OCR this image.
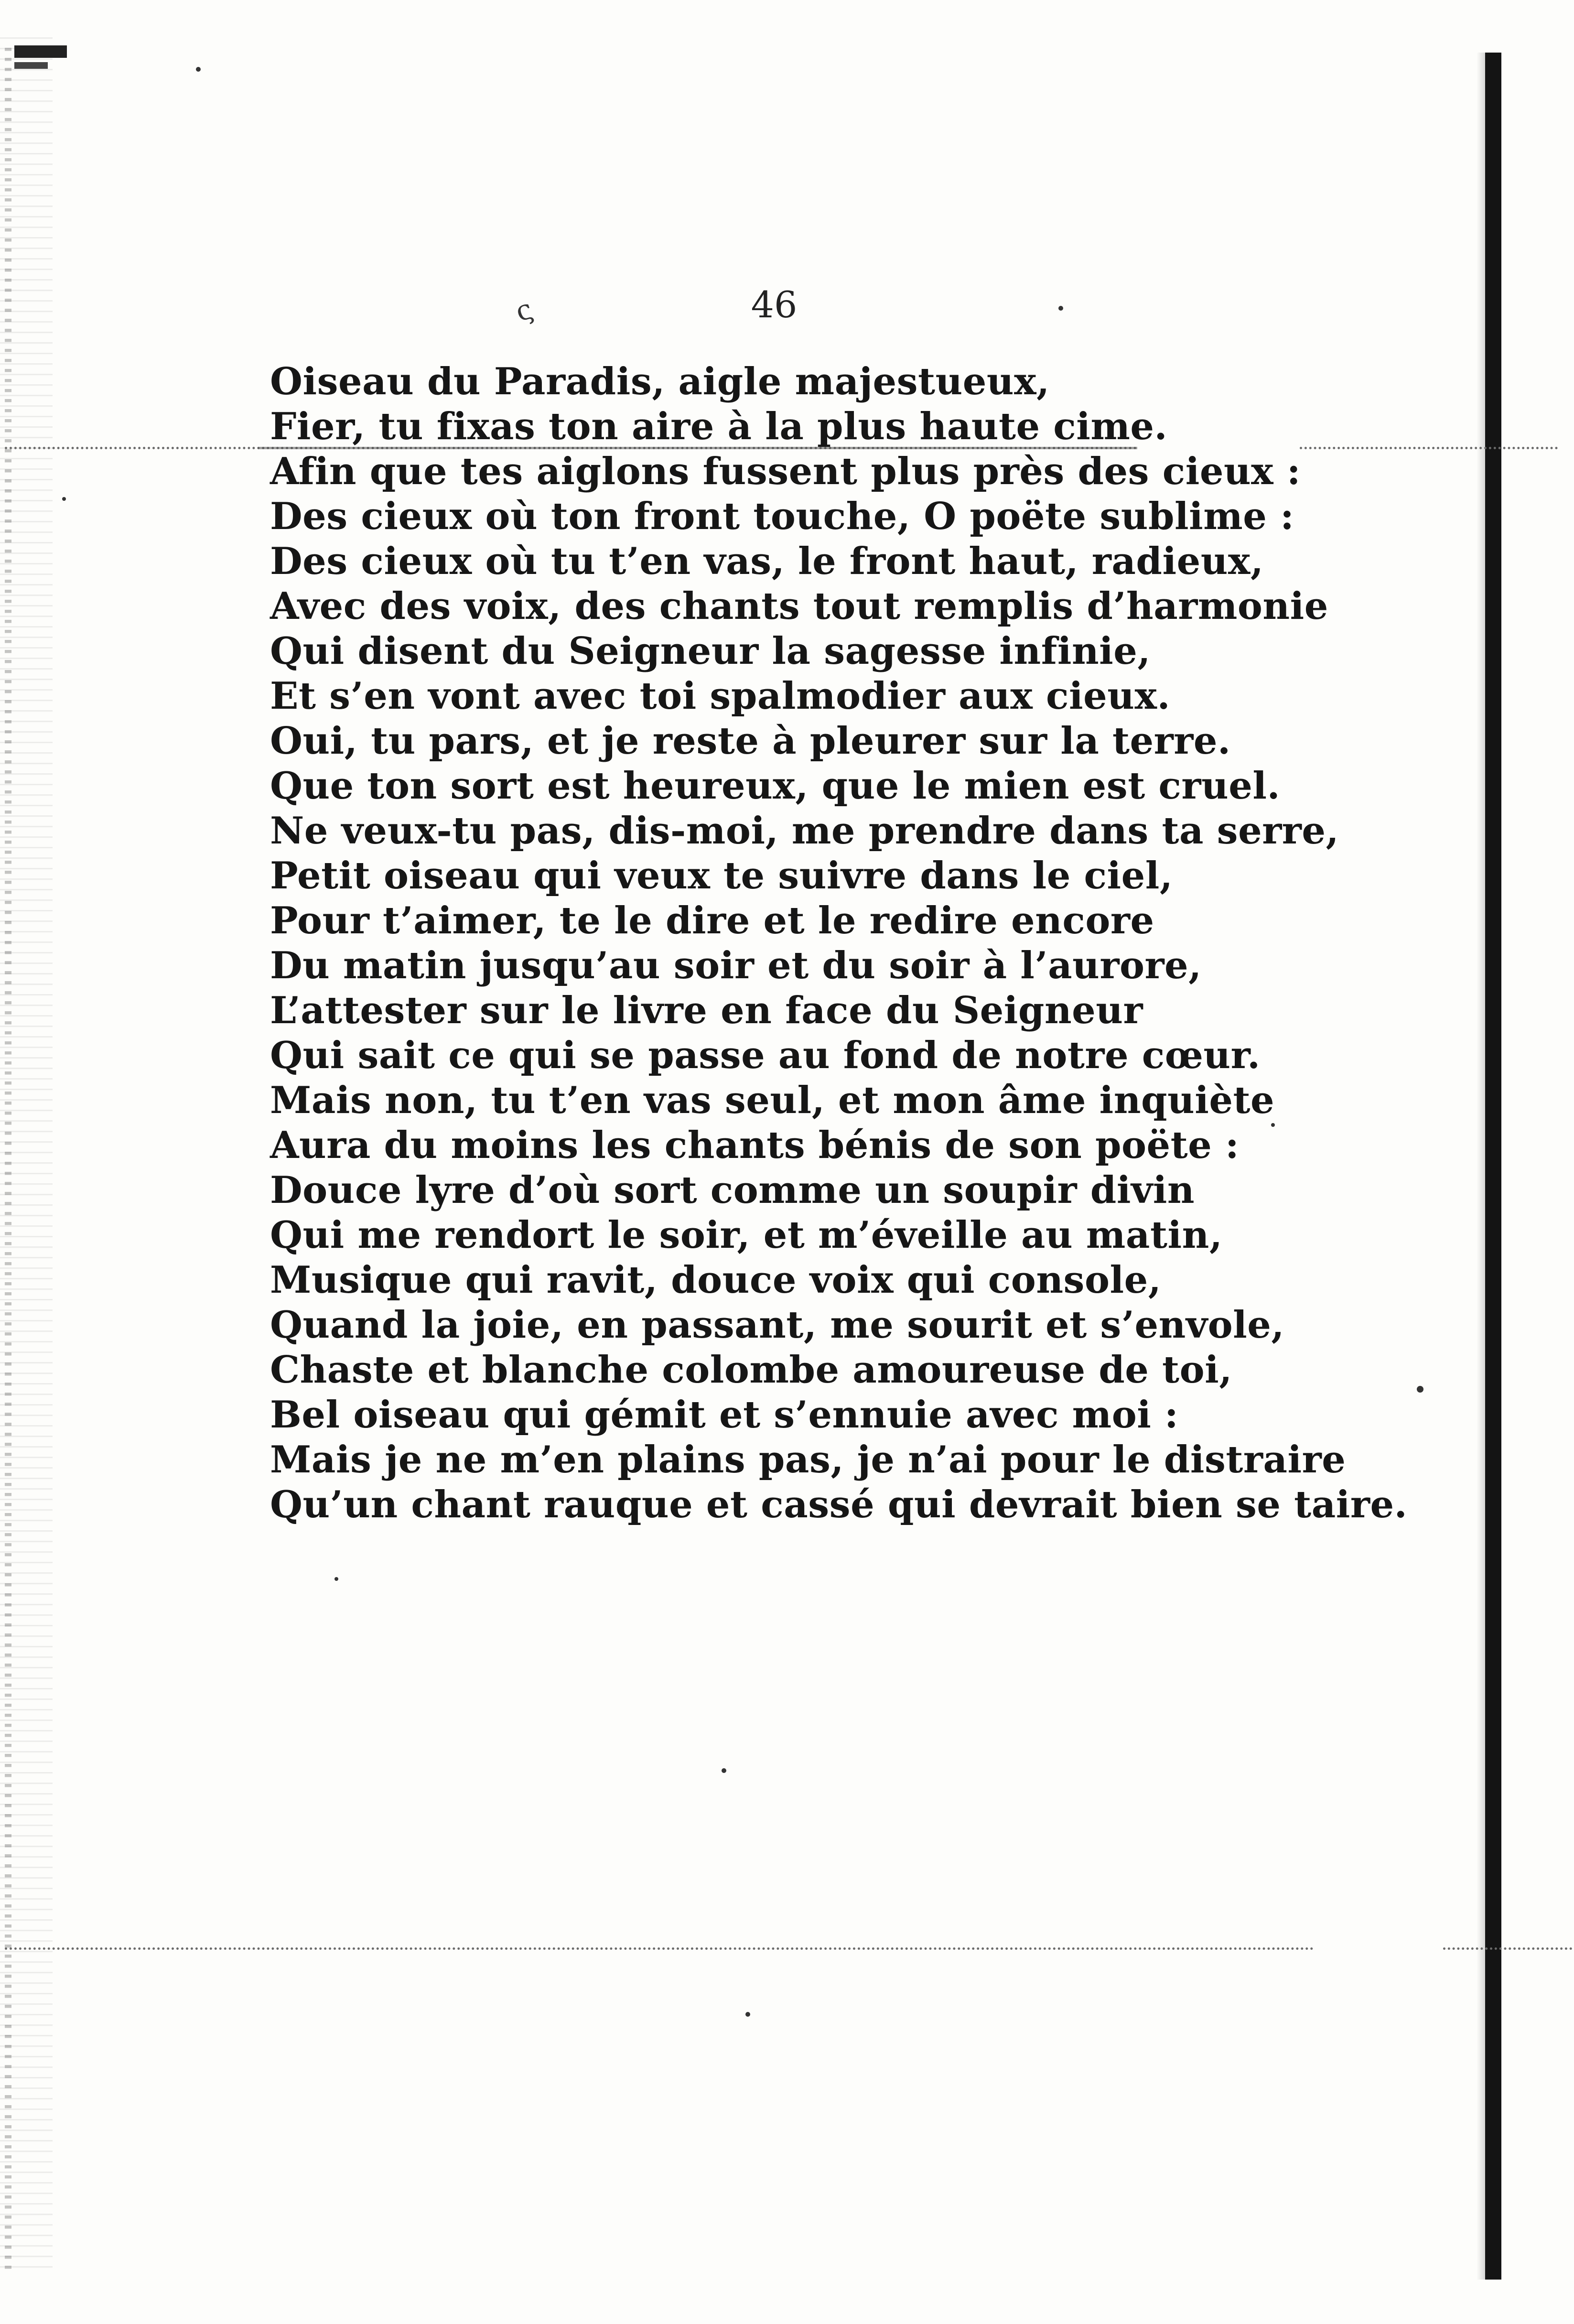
ς	46
Oiseau du Paradis, aigle majestueux,
Fier, tu fixas ton aire à la plus haute cime.
Afin que tes aiglons fussent plus près des cieux :
Des cieux où ton front touche, O poëte sublime :
Des cieux où tu t’en vas, le front haut, radieux,
Avec des voix, des chants tout remplis d’harmonie
Qui disent du Seigneur la sagesse infinie,
Et s’en vont avec toi spalmodier aux cieux.
Oui, tu pars, et je reste à pleurer sur la terre.
Que ton sort est heureux, que le mien est cruel.
Ne veux-tu pas, dis-moi, me prendre dans ta serre,
Petit oiseau qui veux te suivre dans le ciel,
Pour t’aimer, te le dire et le redire encore
Du matin jusqu’au soir et du soir à l’aurore,
L’attester sur le livre en face du Seigneur
Qui sait ce qui se passe au fond de notre cœur.
Mais non, tu t’en vas seul, et mon âme inquiète
Aura du moins les chants bénis de son poëte :
Douce lyre d’où sort comme un soupir divin
Qui me rendort le soir, et m’éveille au matin,
Musique qui ravit, douce voix qui console,
Quand la joie, en passant, me sourit et s’envole,
Chaste et blanche colombe amoureuse de toi,
Bel oiseau qui gémit et s’ennuie avec moi :
Mais je ne m’en plains pas, je n’ai pour le distraire
Qu’un chant rauque et cassé qui devrait bien se taire.
